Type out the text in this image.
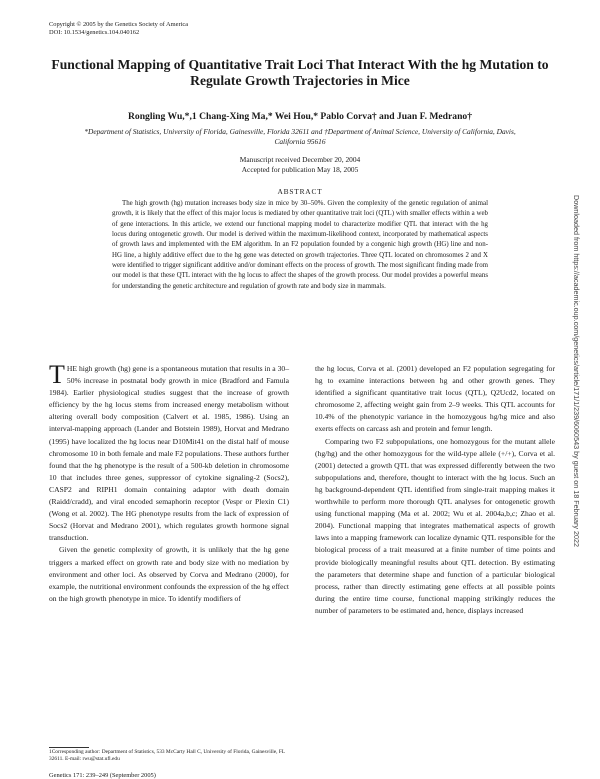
Copyright © 2005 by the Genetics Society of America
DOI: 10.1534/genetics.104.040162
Downloaded from https://academic.oup.com/genetics/article/171/1/239/6060543 by guest on 18 February 2022
Functional Mapping of Quantitative Trait Loci That Interact With the hg Mutation to Regulate Growth Trajectories in Mice
Rongling Wu,*,1 Chang-Xing Ma,* Wei Hou,* Pablo Corva† and Juan F. Medrano†
*Department of Statistics, University of Florida, Gainesville, Florida 32611 and †Department of Animal Science, University of California, Davis, California 95616
Manuscript received December 20, 2004
Accepted for publication May 18, 2005
ABSTRACT

The high growth (hg) mutation increases body size in mice by 30–50%. Given the complexity of the genetic regulation of animal growth, it is likely that the effect of this major locus is mediated by other quantitative trait loci (QTL) with smaller effects within a web of gene interactions. In this article, we extend our functional mapping model to characterize modifier QTL that interact with the hg locus during ontogenetic growth. Our model is derived within the maximum-likelihood context, incorporated by mathematical aspects of growth laws and implemented with the EM algorithm. In an F2 population founded by a congenic high growth (HG) line and non-HG line, a highly additive effect due to the hg gene was detected on growth trajectories. Three QTL located on chromosomes 2 and X were identified to trigger significant additive and/or dominant effects on the process of growth. The most significant finding made from our model is that these QTL interact with the hg locus to affect the shapes of the growth process. Our model provides a powerful means for understanding the genetic architecture and regulation of growth rate and body size in mammals.

THE high growth (hg) gene is a spontaneous mutation that results in a 30–50% increase in postnatal body growth in mice (Bradford and Famula 1984). Earlier physiological studies suggest that the increase of growth efficiency by the hg locus stems from increased energy metabolism without altering overall body composition (Calvert et al. 1985, 1986). Using an interval-mapping approach (Lander and Botstein 1989), Horvat and Medrano (1995) have localized the hg locus near D10Mit41 on the distal half of mouse chromosome 10 in both female and male F2 populations. These authors further found that the hg phenotype is the result of a 500-kb deletion in chromosome 10 that includes three genes, suppressor of cytokine signaling-2 (Socs2), CASP2 and RIPH1 domain containing adaptor with death domain (Raidd/cradd), and viral encoded semaphorin receptor (Vespr or Plexin C1) (Wong et al. 2002). The HG phenotype results from the lack of expression of Socs2 (Horvat and Medrano 2001), which regulates growth hormone signal transduction.

Given the genetic complexity of growth, it is unlikely that the hg gene triggers a marked effect on growth rate and body size with no mediation by environment and other loci. As observed by Corva and Medrano (2000), for example, the nutritional environment confounds the expression of the hg effect on the high growth phenotype in mice. To identify modifiers of

the hg locus, Corva et al. (2001) developed an F2 population segregating for hg to examine interactions between hg and other growth genes. They identified a significant quantitative trait locus (QTL), Q2Ucd2, located on chromosome 2, affecting weight gain from 2–9 weeks. This QTL accounts for 10.4% of the phenotypic variance in the homozygous hg/hg mice and also exerts effects on carcass ash and protein and femur length.

Comparing two F2 subpopulations, one homozygous for the mutant allele (hg/hg) and the other homozygous for the wild-type allele (+/+), Corva et al. (2001) detected a growth QTL that was expressed differently between the two subpopulations and, therefore, thought to interact with the hg locus. Such an hg background-dependent QTL identified from single-trait mapping makes it worthwhile to perform more thorough QTL analyses for ontogenetic growth using functional mapping (Ma et al. 2002; Wu et al. 2004a,b,c; Zhao et al. 2004). Functional mapping that integrates mathematical aspects of growth laws into a mapping framework can localize dynamic QTL responsible for the biological process of a trait measured at a finite number of time points and provide biologically meaningful results about QTL detection. By estimating the parameters that determine shape and function of a particular biological process, rather than directly estimating gene effects at all possible points during the entire time course, functional mapping strikingly reduces the number of parameters to be estimated and, hence, displays increased

1Corresponding author: Department of Statistics, 533 McCarty Hall C, University of Florida, Gainesville, FL 32611. E-mail: rwu@stat.ufl.edu
Genetics 171: 239–249 (September 2005)
